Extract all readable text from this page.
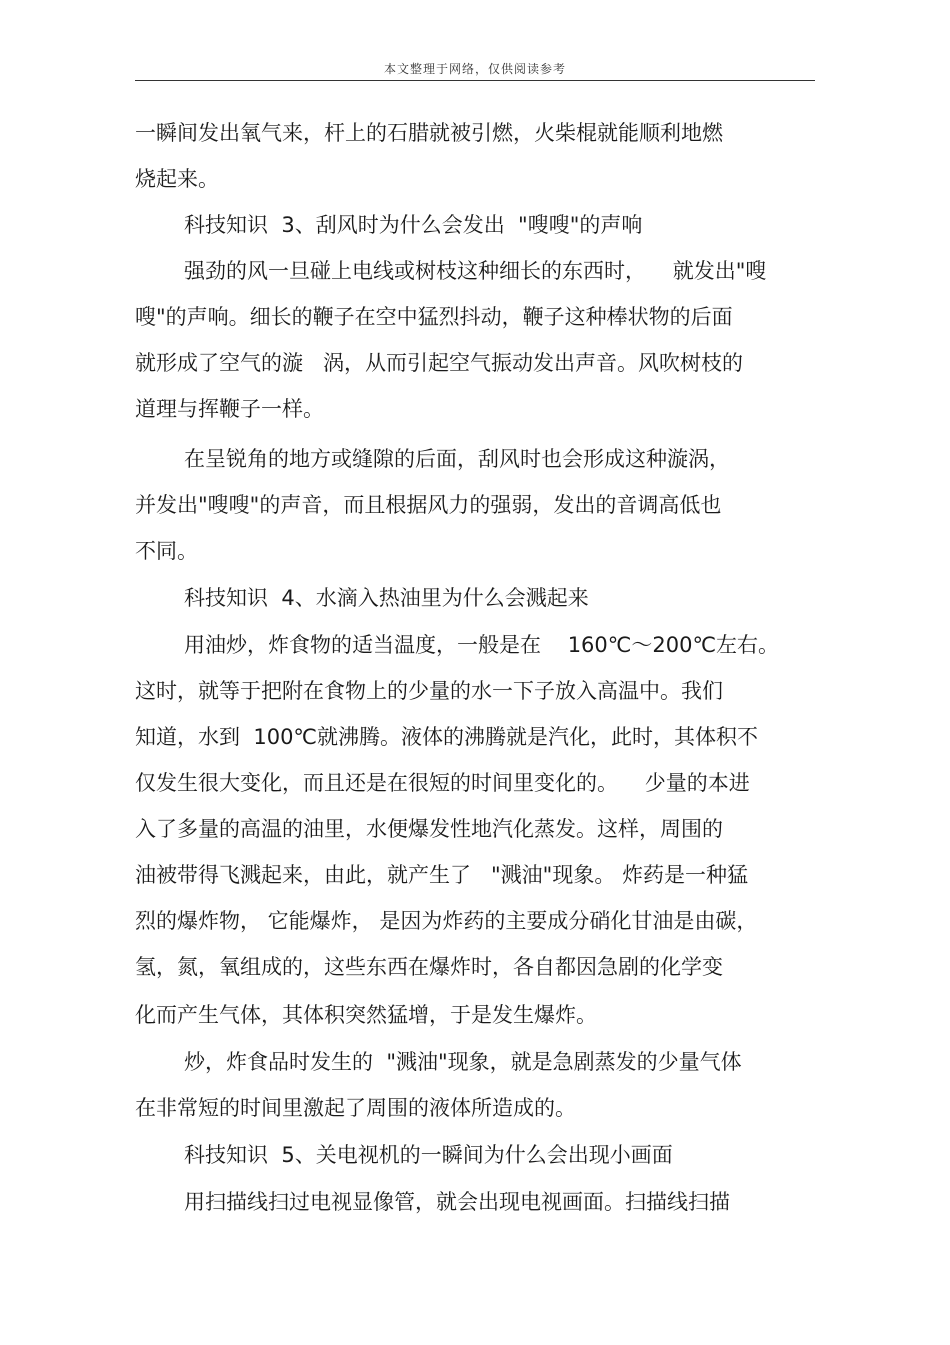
本文整理于网络，仅供阅读参考
一瞬间发出氧气来，杆上的石腊就被引燃，火柴棍就能顺利地燃
烧起来。
科技知识  3、刮风时为什么会发出  "嗖嗖"的声响
强劲的风一旦碰上电线或树枝这种细长的东西时，    就发出"嗖
嗖"的声响。细长的鞭子在空中猛烈抖动，鞭子这种棒状物的后面
就形成了空气的漩   涡，从而引起空气振动发出声音。风吹树枝的
道理与挥鞭子一样。
在呈锐角的地方或缝隙的后面，刮风时也会形成这种漩涡，
并发出"嗖嗖"的声音，而且根据风力的强弱，发出的音调高低也
不同。
科技知识  4、水滴入热油里为什么会溅起来
用油炒，炸食物的适当温度，一般是在    160℃～200℃左右。
这时，就等于把附在食物上的少量的水一下子放入高温中。我们
知道，水到  100℃就沸腾。液体的沸腾就是汽化，此时，其体积不
仅发生很大变化，而且还是在很短的时间里变化的。    少量的本进
入了多量的高温的油里，水便爆发性地汽化蒸发。这样，周围的
油被带得飞溅起来，由此，就产生了   "溅油"现象。 炸药是一种猛
烈的爆炸物， 它能爆炸， 是因为炸药的主要成分硝化甘油是由碳，
氢，氮，氧组成的，这些东西在爆炸时，各自都因急剧的化学变
化而产生气体，其体积突然猛增，于是发生爆炸。
炒，炸食品时发生的  "溅油"现象，就是急剧蒸发的少量气体
在非常短的时间里激起了周围的液体所造成的。
科技知识  5、关电视机的一瞬间为什么会出现小画面
用扫描线扫过电视显像管，就会出现电视画面。扫描线扫描
